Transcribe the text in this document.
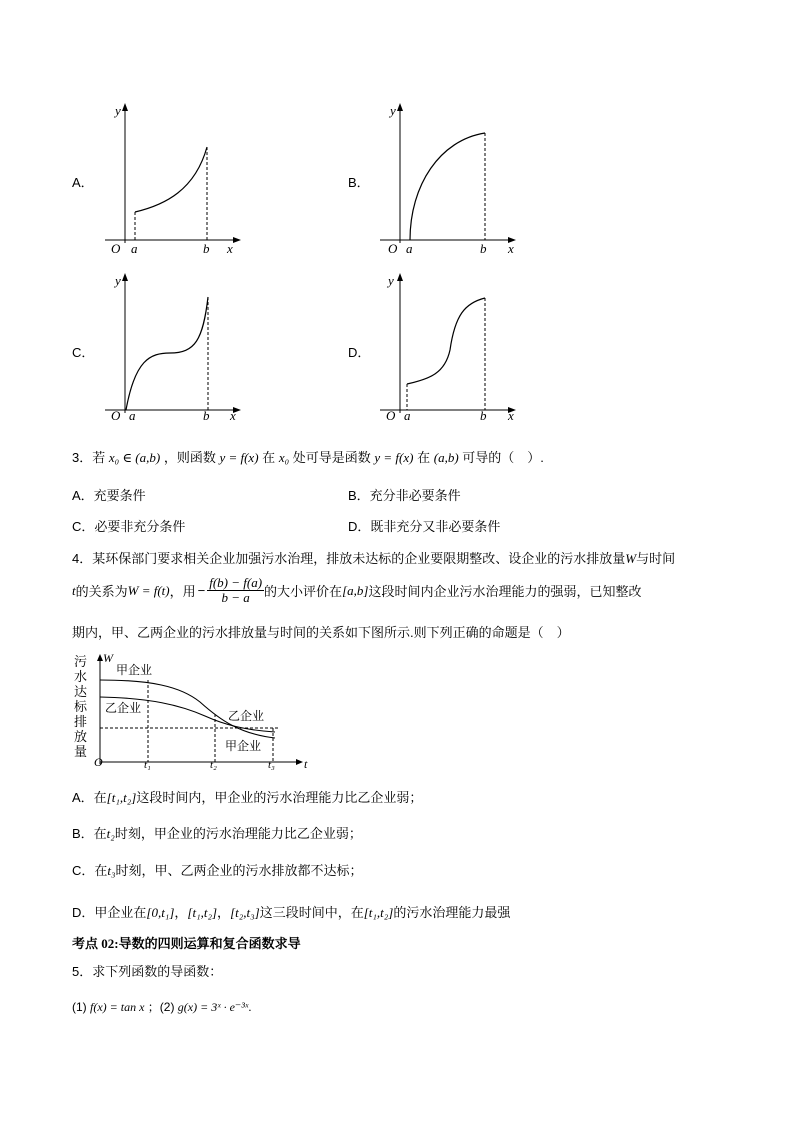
A．	B．
C．	D．
y
x
O a	b
y
x
O a	b
y
x
O a	b
y
x
O a	b
3．若 x₀ ∈ (a,b) ，则函数 y = f(x) 在 x₀ 处可导是函数 y = f(x) 在 (a,b) 可导的（　）.
A．充要条件	B．充分非必要条件
C．必要非充分条件	D．既非充分又非必要条件
4．某环保部门要求相关企业加强污水治理，排放未达标的企业要限期整改、设企业的污水排放量W与时间
t 的关系为 W = f(t) ，用 − $\frac{f(b) - f(a)}{b - a}$ 的大小评价在 [a,b] 这段时间内企业污水治理能力的强弱，已知整改
期内，甲、乙两企业的污水排放量与时间的关系如下图所示.则下列正确的命题是（　）
污
水
达
标
排
放
量
W
t
O	t₁	t₂	t₃
甲企业
乙企业
乙企业
甲企业
A．在[t₁,t₂]这段时间内，甲企业的污水治理能力比乙企业弱；
B．在t₂时刻，甲企业的污水治理能力比乙企业弱；
C．在t₃时刻，甲、乙两企业的污水排放都不达标；
D．甲企业在[0,t₁]，[t₁,t₂]，[t₂,t₃]这三段时间中，在[t₁,t₂]的污水治理能力最强
考点 02:导数的四则运算和复合函数求导
5．求下列函数的导函数：
(1) f(x) = tan x ；(2) g(x) = 3ˣ · e⁻³ˣ.
